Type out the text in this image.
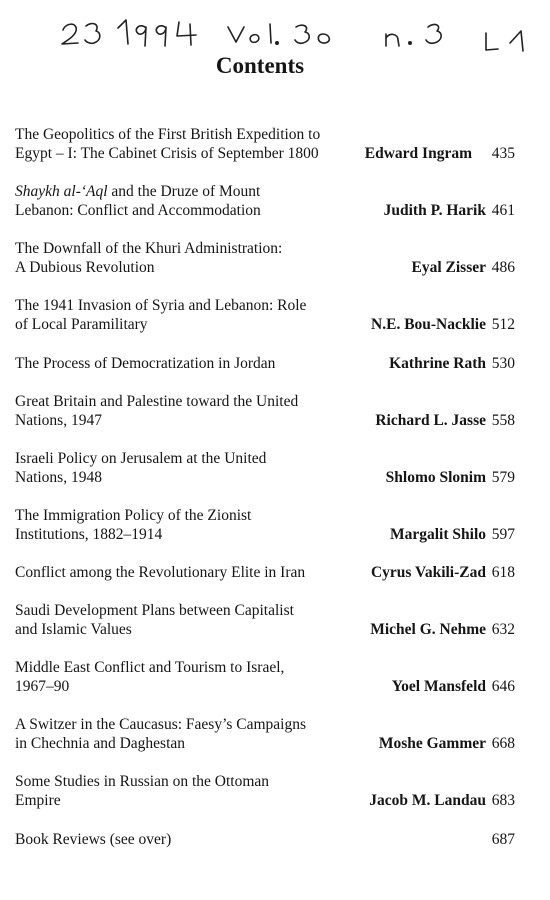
Contents
The Geopolitics of the First British Expedition to
Egypt – I: The Cabinet Crisis of September 1800	Edward Ingram 435
Shaykh al-‘Aql and the Druze of Mount
Lebanon: Conflict and Accommodation	Judith P. Harik 461
The Downfall of the Khuri Administration:
A Dubious Revolution	Eyal Zisser 486
The 1941 Invasion of Syria and Lebanon: Role
of Local Paramilitary	N.E. Bou-Nacklie 512
The Process of Democratization in Jordan	Kathrine Rath 530
Great Britain and Palestine toward the United
Nations, 1947	Richard L. Jasse 558
Israeli Policy on Jerusalem at the United
Nations, 1948	Shlomo Slonim 579
The Immigration Policy of the Zionist
Institutions, 1882–1914	Margalit Shilo 597
Conflict among the Revolutionary Elite in Iran	Cyrus Vakili-Zad 618
Saudi Development Plans between Capitalist
and Islamic Values	Michel G. Nehme 632
Middle East Conflict and Tourism to Israel,
1967–90	Yoel Mansfeld 646
A Switzer in the Caucasus: Faesy’s Campaigns
in Chechnia and Daghestan	Moshe Gammer 668
Some Studies in Russian on the Ottoman
Empire	Jacob M. Landau 683
Book Reviews (see over)	687
